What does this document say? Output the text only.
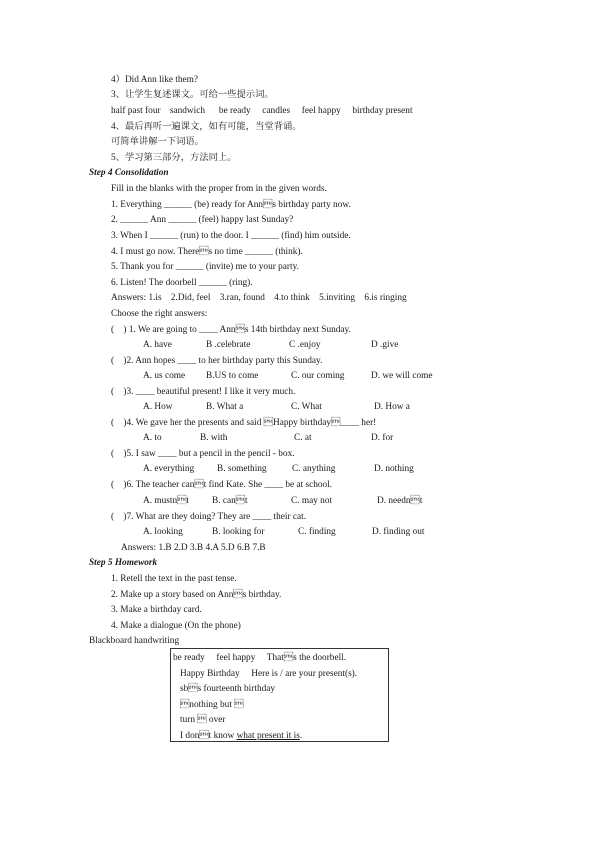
4）Did Ann like them?
3、让学生复述课文。可给一些提示词。
half past four    sandwich      be ready     candles     feel happy     birthday present
4、最后再听一遍课文，如有可能，当堂背诵。
可简单讲解一下词语。
5、学习第三部分，方法同上。
Step 4 Consolidation
Fill in the blanks with the proper from in the given words.
1. Everything ______ (be) ready for Anns birthday party now.
2. ______ Ann ______ (feel) happy last Sunday?
3. When I ______ (run) to the door. I ______ (find) him outside.
4. I must go now. Theres no time ______ (think).
5. Thank you for ______ (invite) me to your party.
6. Listen! The doorbell ______ (ring).
Answers: 1.is    2.Did, feel    3.ran, found    4.to think    5.inviting    6.is ringing
Choose the right answers:
(    ) 1. We are going to ____ Anns 14th birthday next Sunday.
A. have	B .celebrate	C .enjoy	D .give
(    )2. Ann hopes ____ to her birthday party this Sunday.
A. us come B.US to come	C. our coming	D. we will come
(    )3. ____ beautiful present! I like it very much.
A. How	B. What a	C. What	D. How a
(    )4. We gave her the presents and said Happy birthday____ her!
A. to	B. with	C. at	D. for
(    )5. I saw ____ but a pencil in the pencil - box.
A. everything B. something	C. anything	D. nothing
(    )6. The teacher cant find Kate. She ____ be at school.
A. mustnt B. cant	C. may not	D. neednt
(    )7. What are they doing? They are ____ their cat.
A. looking	B. looking for	C. finding	D. finding out
Answers: 1.B 2.D 3.B 4.A 5.D 6.B 7.B
Step 5 Homework
1. Retell the text in the past tense.
2. Make up a story based on Anns birthday.
3. Make a birthday card.
4. Make a dialogue (On the phone)
Blackboard handwriting
be ready     feel happy     Thats the doorbell.
Happy Birthday     Here is / are your present(s).
sbs fourteenth birthday
nothing but 
turn  over
I dont know what present it is.
